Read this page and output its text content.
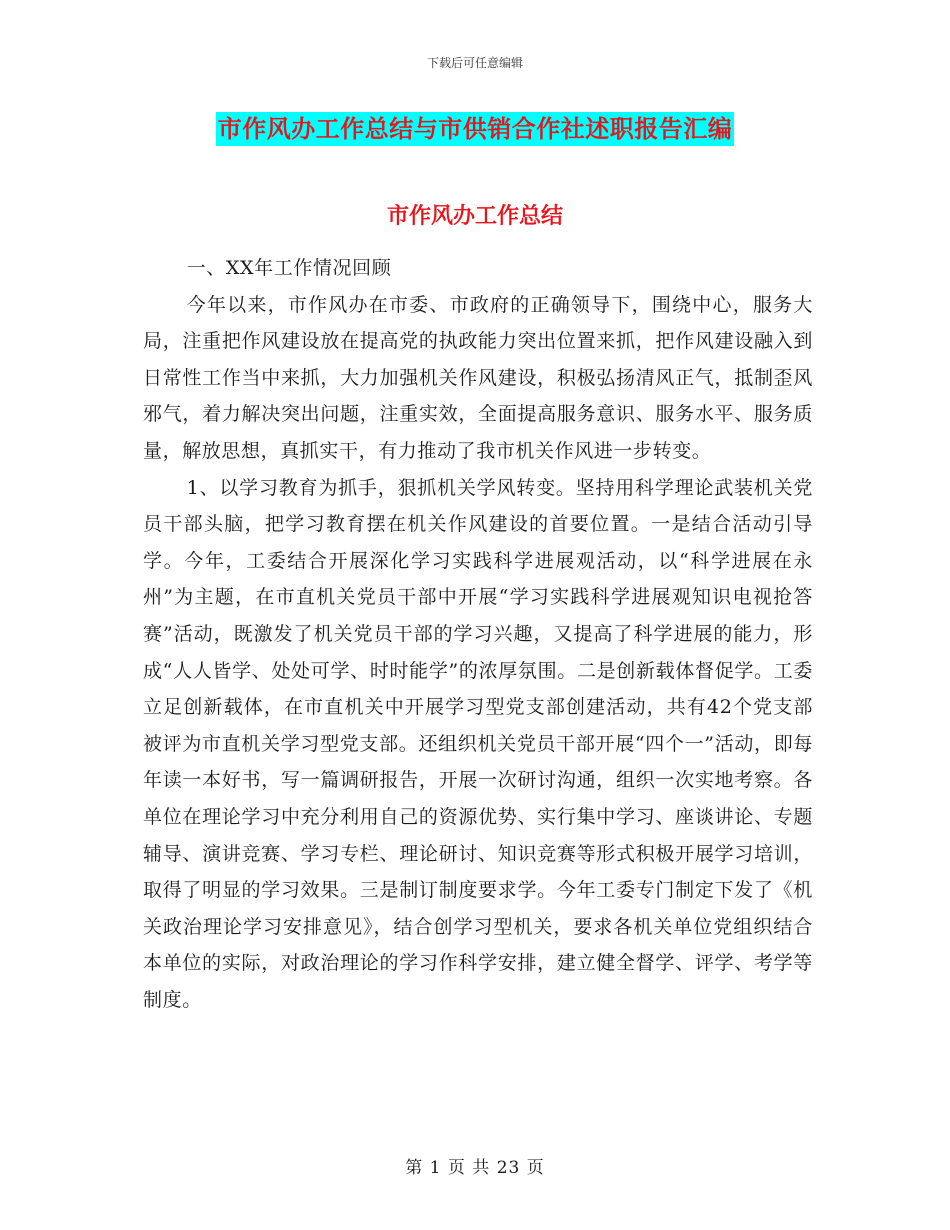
下载后可任意编辑
市作风办工作总结与市供销合作社述职报告汇编
市作风办工作总结

一、XX年工作情况回顾

今年以来，市作风办在市委、市政府的正确领导下，围绕中心，服务大局，注重把作风建设放在提高党的执政能力突出位置来抓，把作风建设融入到日常性工作当中来抓，大力加强机关作风建设，积极弘扬清风正气，抵制歪风邪气，着力解决突出问题，注重实效，全面提高服务意识、服务水平、服务质量，解放思想，真抓实干，有力推动了我市机关作风进一步转变。

1、以学习教育为抓手，狠抓机关学风转变。坚持用科学理论武装机关党员干部头脑，把学习教育摆在机关作风建设的首要位置。一是结合活动引导学。今年，工委结合开展深化学习实践科学进展观活动，以“科学进展在永州”为主题，在市直机关党员干部中开展“学习实践科学进展观知识电视抢答赛”活动，既激发了机关党员干部的学习兴趣，又提高了科学进展的能力，形成“人人皆学、处处可学、时时能学”的浓厚氛围。二是创新载体督促学。工委立足创新载体，在市直机关中开展学习型党支部创建活动，共有42个党支部被评为市直机关学习型党支部。还组织机关党员干部开展“四个一”活动，即每年读一本好书，写一篇调研报告，开展一次研讨沟通，组织一次实地考察。各单位在理论学习中充分利用自己的资源优势、实行集中学习、座谈讲论、专题辅导、演讲竞赛、学习专栏、理论研讨、知识竞赛等形式积极开展学习培训，取得了明显的学习效果。三是制订制度要求学。今年工委专门制定下发了《机关政治理论学习安排意见》，结合创学习型机关，要求各机关单位党组织结合本单位的实际，对政治理论的学习作科学安排，建立健全督学、评学、考学等制度。

第 1 页 共 23 页
